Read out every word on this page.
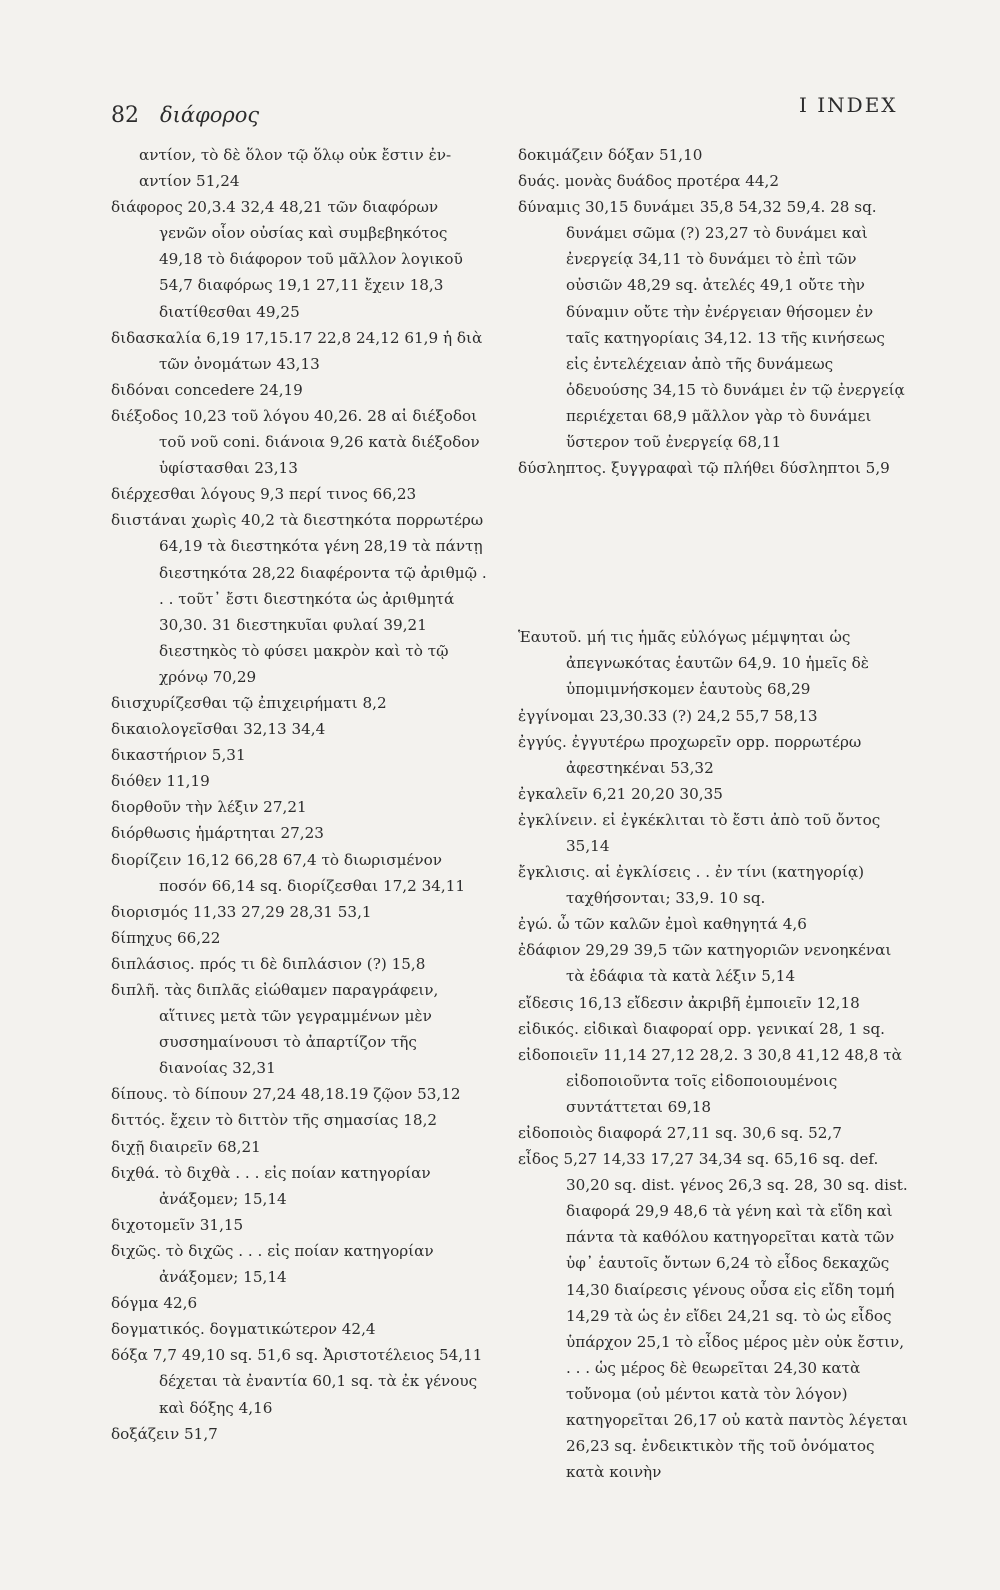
82 διάφορος	I INDEX
αντίον, τὸ δὲ ὅλον τῷ ὅλῳ οὐκ ἔστιν ἐν-
αντίον 51,24
διάφορος 20,3.4 32,4 48,21 τῶν διαφόρων γενῶν οἷον οὐσίας καὶ συμβεβηκότος 49,18 τὸ διάφορον τοῦ μᾶλλον λογικοῦ 54,7 διαφόρως 19,1 27,11 ἔχειν 18,3 διατίθεσθαι 49,25
διδασκαλία 6,19 17,15.17 22,8 24,12 61,9 ἡ διὰ τῶν ὀνομάτων 43,13
διδόναι concedere 24,19
διέξοδος 10,23 τοῦ λόγου 40,26. 28 αἱ διέξοδοι τοῦ νοῦ coni. διάνοια 9,26 κατὰ διέξοδον ὑφίστασθαι 23,13
διέρχεσθαι λόγους 9,3 περί τινος 66,23
διιστάναι χωρὶς 40,2 τὰ διεστηκότα πορρωτέρω 64,19 τὰ διεστηκότα γένη 28,19 τὰ πάντῃ διεστηκότα 28,22 διαφέροντα τῷ ἀριθμῷ . . . τοῦτ᾽ ἔστι διεστηκότα ὡς ἀριθμητά 30,30. 31 διεστηκυῖαι φυλαί 39,21 διεστηκὸς τὸ φύσει μακρὸν καὶ τὸ τῷ χρόνῳ 70,29
διισχυρίζεσθαι τῷ ἐπιχειρήματι 8,2
δικαιολογεῖσθαι 32,13 34,4
δικαστήριον 5,31
διόθεν 11,19
διορθοῦν τὴν λέξιν 27,21
διόρθωσις ἡμάρτηται 27,23
διορίζειν 16,12 66,28 67,4 τὸ διωρισμένον ποσόν 66,14 sq. διορίζεσθαι 17,2 34,11
διορισμός 11,33 27,29 28,31 53,1
δίπηχυς 66,22
διπλάσιος. πρός τι δὲ διπλάσιον (?) 15,8
διπλῆ. τὰς διπλᾶς εἰώθαμεν παραγράφειν, αἵτινες μετὰ τῶν γεγραμμένων μὲν συσσημαίνουσι τὸ ἀπαρτίζον τῆς διανοίας 32,31
δίπους. τὸ δίπουν 27,24 48,18.19 ζῷον 53,12
διττός. ἔχειν τὸ διττὸν τῆς σημασίας 18,2
διχῇ διαιρεῖν 68,21
διχθά. τὸ διχθὰ . . . εἰς ποίαν κατηγορίαν ἀνάξομεν; 15,14
διχοτομεῖν 31,15
διχῶς. τὸ διχῶς . . . εἰς ποίαν κατηγορίαν ἀνάξομεν; 15,14
δόγμα 42,6
δογματικός. δογματικώτερον 42,4
δόξα 7,7 49,10 sq. 51,6 sq. Ἀριστοτέλειος 54,11 δέχεται τὰ ἐναντία 60,1 sq. τὰ ἐκ γένους καὶ δόξης 4,16
δοξάζειν 51,7
δοκιμάζειν δόξαν 51,10
δυάς. μονὰς δυάδος προτέρα 44,2
δύναμις 30,15 δυνάμει 35,8 54,32 59,4. 28 sq. δυνάμει σῶμα (?) 23,27 τὸ δυνάμει καὶ ἐνεργείᾳ 34,11 τὸ δυνάμει τὸ ἐπὶ τῶν οὐσιῶν 48,29 sq. ἀτελές 49,1 οὔτε τὴν δύναμιν οὔτε τὴν ἐνέργειαν θήσομεν ἐν ταῖς κατηγορίαις 34,12. 13 τῆς κινήσεως εἰς ἐντελέχειαν ἀπὸ τῆς δυνάμεως ὁδευούσης 34,15 τὸ δυνάμει ἐν τῷ ἐνεργείᾳ περιέχεται 68,9 μᾶλλον γὰρ τὸ δυνάμει ὕστερον τοῦ ἐνεργείᾳ 68,11
δύσληπτος. ξυγγραφαὶ τῷ πλήθει δύσληπτοι 5,9
Ἑαυτοῦ. μή τις ἡμᾶς εὐλόγως μέμψηται ὡς ἀπεγνωκότας ἑαυτῶν 64,9. 10 ἡμεῖς δὲ ὑπομιμνήσκομεν ἑαυτοὺς 68,29
ἐγγίνομαι 23,30.33 (?) 24,2 55,7 58,13
ἐγγύς. ἐγγυτέρω προχωρεῖν opp. πορρωτέρω ἀφεστηκέναι 53,32
ἐγκαλεῖν 6,21 20,20 30,35
ἐγκλίνειν. εἰ ἐγκέκλιται τὸ ἔστι ἀπὸ τοῦ ὄντος 35,14
ἔγκλισις. αἱ ἐγκλίσεις . . ἐν τίνι (κατηγορίᾳ) ταχθήσονται; 33,9. 10 sq.
ἐγώ. ὦ τῶν καλῶν ἐμοὶ καθηγητά 4,6
ἐδάφιον 29,29 39,5 τῶν κατηγοριῶν νενοηκέναι τὰ ἐδάφια τὰ κατὰ λέξιν 5,14
εἴδεσις 16,13 εἴδεσιν ἀκριβῆ ἐμποιεῖν 12,18
εἰδικός. εἰδικαὶ διαφοραί opp. γενικαί 28, 1 sq.
εἰδοποιεῖν 11,14 27,12 28,2. 3 30,8 41,12 48,8 τὰ εἰδοποιοῦντα τοῖς εἰδοποιουμένοις συντάττεται 69,18
εἰδοποιὸς διαφορά 27,11 sq. 30,6 sq. 52,7
εἶδος 5,27 14,33 17,27 34,34 sq. 65,16 sq. def. 30,20 sq. dist. γένος 26,3 sq. 28, 30 sq. dist. διαφορά 29,9 48,6 τὰ γένη καὶ τὰ εἴδη καὶ πάντα τὰ καθόλου κατηγορεῖται κατὰ τῶν ὑφ᾽ ἑαυτοῖς ὄντων 6,24 τὸ εἶδος δεκαχῶς 14,30 διαίρεσις γένους οὖσα εἰς εἴδη τομή 14,29 τὰ ὡς ἐν εἴδει 24,21 sq. τὸ ὡς εἶδος ὑπάρχον 25,1 τὸ εἶδος μέρος μὲν οὐκ ἔστιν, . . . ὡς μέρος δὲ θεωρεῖται 24,30 κατὰ τοὔνομα (οὐ μέντοι κατὰ τὸν λόγον) κατηγορεῖται 26,17 οὐ κατὰ παντὸς λέγεται 26,23 sq. ἐνδεικτικὸν τῆς τοῦ ὀνόματος κατὰ κοινὴν
